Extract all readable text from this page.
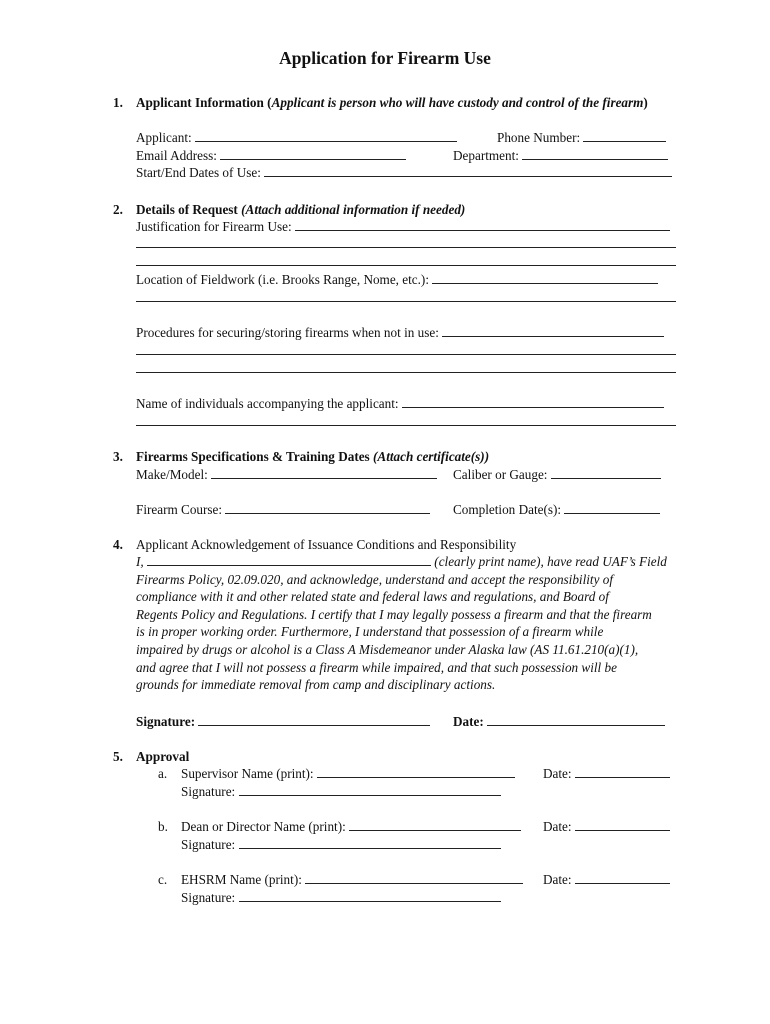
Application for Firearm Use
1. Applicant Information (Applicant is person who will have custody and control of the firearm)
Applicant:	Phone Number:
Email Address:	Department:
Start/End Dates of Use:
2. Details of Request (Attach additional information if needed)
Justification for Firearm Use:
Location of Fieldwork (i.e. Brooks Range, Nome, etc.):
Procedures for securing/storing firearms when not in use:
Name of individuals accompanying the applicant:
3. Firearms Specifications & Training Dates (Attach certificate(s))
Make/Model:	Caliber or Gauge:
Firearm Course:	Completion Date(s):
4. Applicant Acknowledgement of Issuance Conditions and Responsibility
I,	(clearly print name), have read UAF’s Field
Firearms Policy, 02.09.020, and acknowledge, understand and accept the responsibility of
compliance with it and other related state and federal laws and regulations, and Board of
Regents Policy and Regulations. I certify that I may legally possess a firearm and that the firearm
is in proper working order. Furthermore, I understand that possession of a firearm while
impaired by drugs or alcohol is a Class A Misdemeanor under Alaska law (AS 11.61.210(a)(1),
and agree that I will not possess a firearm while impaired, and that such possession will be
grounds for immediate removal from camp and disciplinary actions.
Signature:	Date:
5. Approval
a. Supervisor Name (print):	Date:
Signature:
b. Dean or Director Name (print):	Date:
Signature:
c. EHSRM Name (print):	Date:
Signature:
